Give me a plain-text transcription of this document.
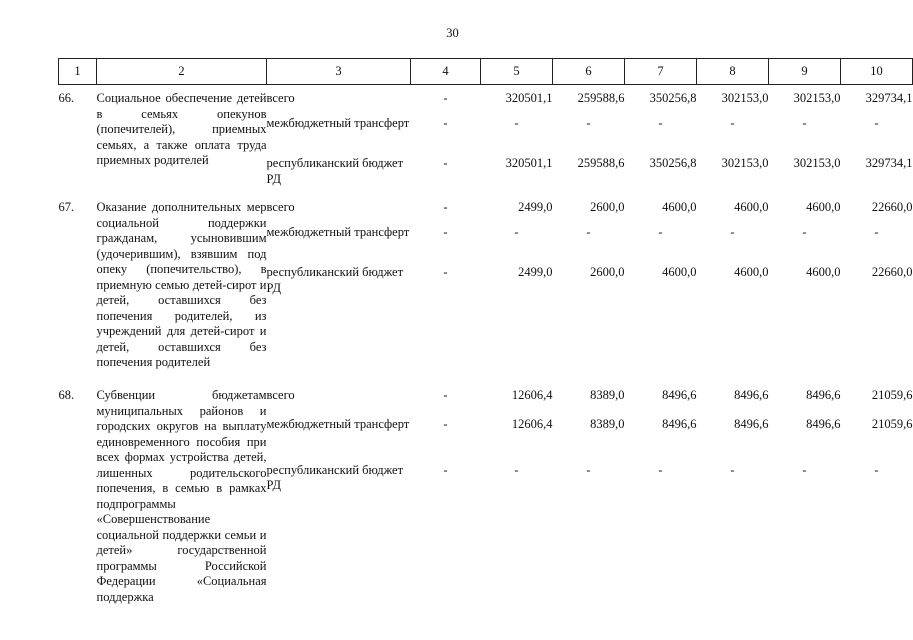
30
1	2	3	4	5	6	7	8	9	10

66.	Социальное обеспечение детей в семьях опекунов (попечителей), приемных семьях, а также оплата труда приемных родителей	всего	-	320501,1	259588,6	350256,8	302153,0	302153,0	329734,1
		межбюджетный трансферт	-	-	-	-	-	-	-
		республиканский бюджет РД	-	320501,1	259588,6	350256,8	302153,0	302153,0	329734,1

67.	Оказание дополнительных мер социальной поддержки гражданам, усыновившим (удочерившим), взявшим под опеку (попечительство), в приемную семью детей-сирот и детей, оставшихся без попечения родителей, из учреждений для детей-сирот и детей, оставшихся без попечения родителей	всего	-	2499,0	2600,0	4600,0	4600,0	4600,0	22660,0
		межбюджетный трансферт	-	-	-	-	-	-	-
		республиканский бюджет РД	-	2499,0	2600,0	4600,0	4600,0	4600,0	22660,0

68.	Субвенции бюджетам муниципальных районов и городских округов на выплату единовременного пособия при всех формах устройства детей, лишенных родительского попечения, в семью в рамках подпрограммы «Совершенствование социальной поддержки семьи и детей» государственной программы Российской Федерации «Социальная поддержка	всего	-	12606,4	8389,0	8496,6	8496,6	8496,6	21059,6
		межбюджетный трансферт	-	12606,4	8389,0	8496,6	8496,6	8496,6	21059,6
		республиканский бюджет РД	-	-	-	-	-	-	-
